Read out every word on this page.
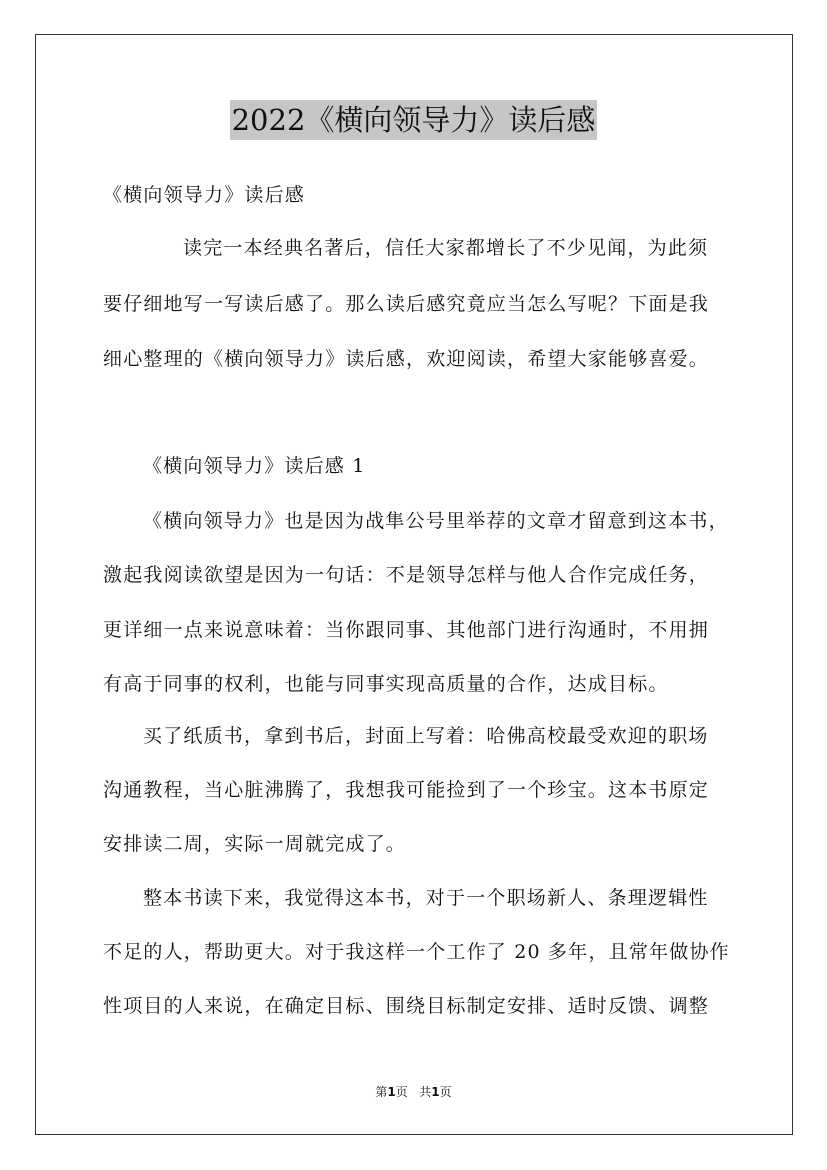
2022《横向领导力》读后感
《横向领导力》读后感
读完一本经典名著后，信任大家都增长了不少见闻，为此须
要仔细地写一写读后感了。那么读后感究竟应当怎么写呢？下面是我
细心整理的《横向领导力》读后感，欢迎阅读，希望大家能够喜爱。
《横向领导力》读后感 1
《横向领导力》也是因为战隼公号里举荐的文章才留意到这本书，
激起我阅读欲望是因为一句话：不是领导怎样与他人合作完成任务，
更详细一点来说意味着：当你跟同事、其他部门进行沟通时，不用拥
有高于同事的权利，也能与同事实现高质量的合作，达成目标。
买了纸质书，拿到书后，封面上写着：哈佛高校最受欢迎的职场
沟通教程，当心脏沸腾了，我想我可能捡到了一个珍宝。这本书原定
安排读二周，实际一周就完成了。
整本书读下来，我觉得这本书，对于一个职场新人、条理逻辑性
不足的人，帮助更大。对于我这样一个工作了 20 多年，且常年做协作
性项目的人来说，在确定目标、围绕目标制定安排、适时反馈、调整
第1页 共1页
